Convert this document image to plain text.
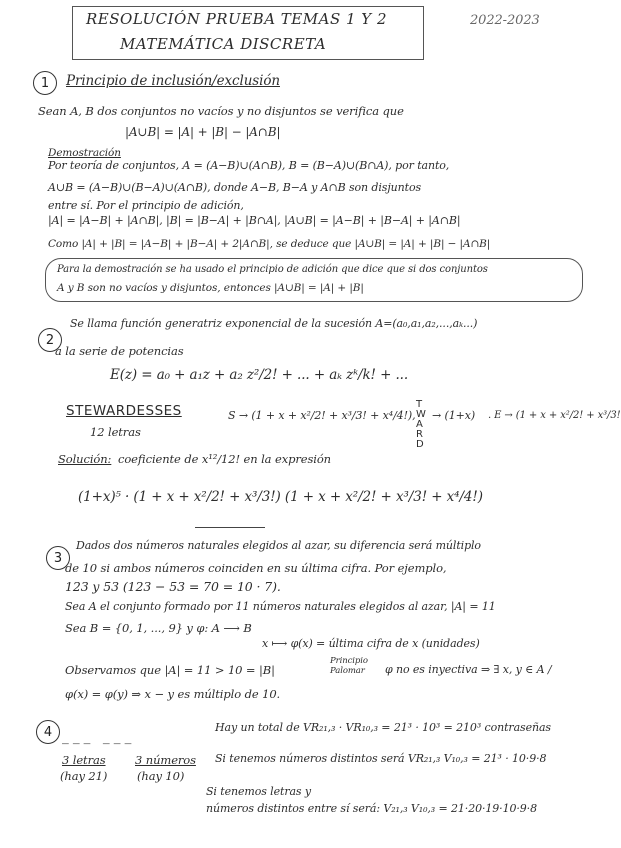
RESOLUCIÓN PRUEBA TEMAS 1 Y 2
MATEMÁTICA DISCRETA
2022-2023
1	Principio de inclusión/exclusión
Sean A, B dos conjuntos no vacíos y no disjuntos se verifica que
|A∪B| = |A| + |B| − |A∩B|
Demostración
Por teoría de conjuntos, A = (A−B)∪(A∩B), B = (B−A)∪(B∩A), por tanto,
A∪B = (A−B)∪(B−A)∪(A∩B), donde A−B, B−A y A∩B son disjuntos
entre sí. Por el principio de adición,
|A| = |A−B| + |A∩B|, |B| = |B−A| + |B∩A|, |A∪B| = |A−B| + |B−A| + |A∩B|
Como |A| + |B| = |A−B| + |B−A| + 2|A∩B|, se deduce que |A∪B| = |A| + |B| − |A∩B|
Para la demostración se ha usado el principio de adición que dice que si dos conjuntos
A y B son no vacíos y disjuntos, entonces |A∪B| = |A| + |B|
2
Se llama función generatriz exponencial de la sucesión A=(a₀,a₁,a₂,...,aₖ...)
a la serie de potencias
E(z) = a₀ + a₁z + a₂ z²/2! + ... + aₖ zᵏ/k! + ...
STEWARDESSES
12 letras
S → (1 + x + x²/2! + x³/3! + x⁴/4!),
T
W
A
R
D
→ (1+x) . E → (1 + x + x²/2! + x³/3!
Solución: coeficiente de x¹²/12! en la expresión
(1+x)⁵ · (1 + x + x²/2! + x³/3!) (1 + x + x²/2! + x³/3! + x⁴/4!)
3
Dados dos números naturales elegidos al azar, su diferencia será múltiplo
de 10 si ambos números coinciden en su última cifra. Por ejemplo,
123 y 53 (123 − 53 = 70 = 10 · 7).
Sea A el conjunto formado por 11 números naturales elegidos al azar, |A| = 11
Sea B = {0, 1, ..., 9} y φ: A ⟶ B
x ⟼ φ(x) = última cifra de x (unidades)
Observamos que |A| = 11 > 10 = |B|
Principio Palomar	φ no es inyectiva ⇒ ∃ x, y ∈ A /
φ(x) = φ(y) ⇒ x − y es múltiplo de 10.
4 _ _ _   _ _ _
3 letras
(hay 21)
3 números
(hay 10)
Hay un total de VR₂₁,₃ · VR₁₀,₃ = 21³ · 10³ = 210³ contraseñas
Si tenemos números distintos será VR₂₁,₃ V₁₀,₃ = 21³ · 10·9·8
Si tenemos letras y
números distintos entre sí será: V₂₁,₃ V₁₀,₃ = 21·20·19·10·9·8
